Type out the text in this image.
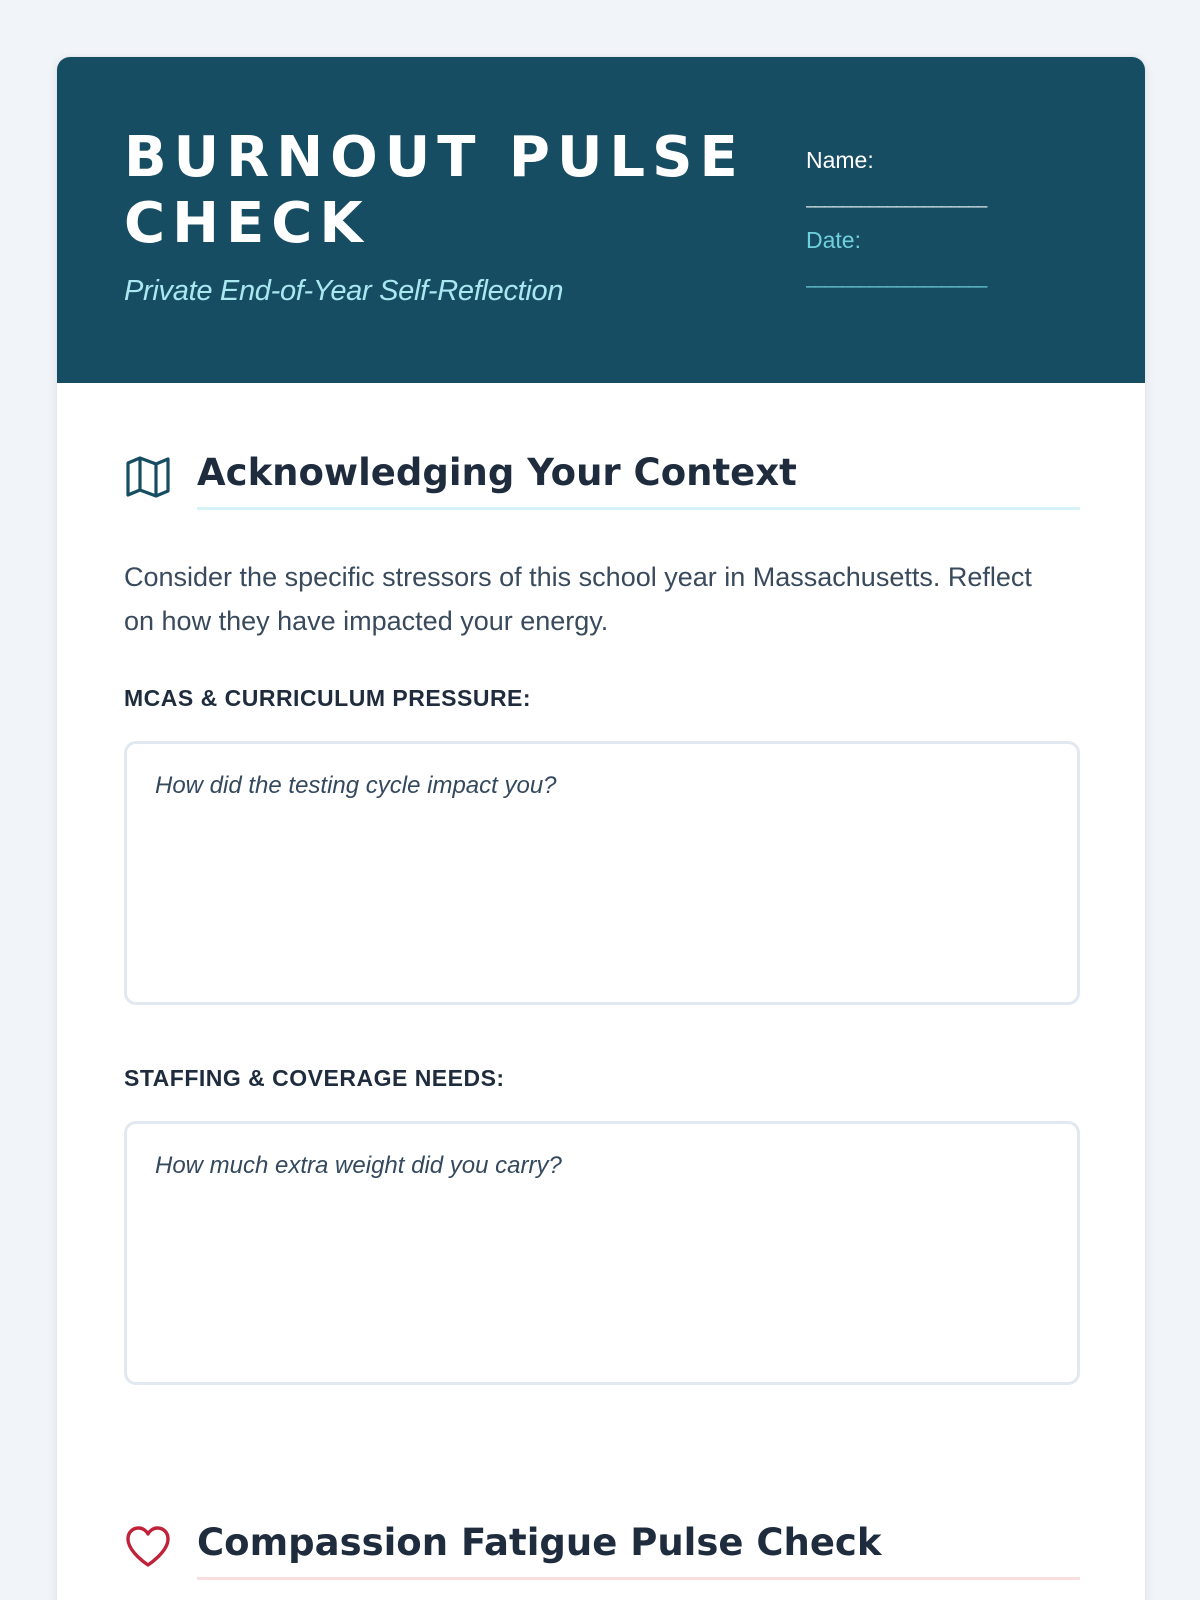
BURNOUT PULSE CHECK
Private End-of-Year Self-Reflection
Name:
____________________
Date:
____________________
Acknowledging Your Context
Consider the specific stressors of this school year in Massachusetts. Reflect on how they have impacted your energy.
MCAS & CURRICULUM PRESSURE:
How did the testing cycle impact you?
STAFFING & COVERAGE NEEDS:
How much extra weight did you carry?
Compassion Fatigue Pulse Check
